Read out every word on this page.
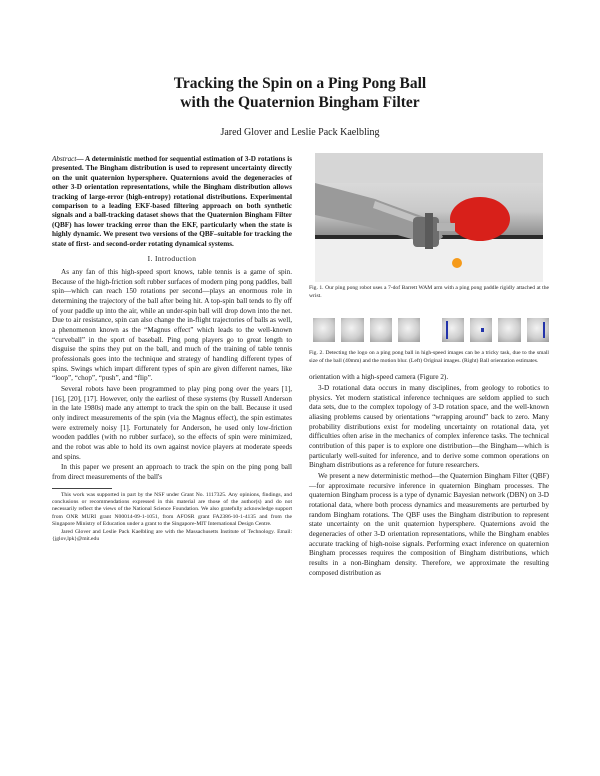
Tracking the Spin on a Ping Pong Ball
with the Quaternion Bingham Filter
Jared Glover and Leslie Pack Kaelbling

Abstract— A deterministic method for sequential estimation of 3-D rotations is presented. The Bingham distribution is used to represent uncertainty directly on the unit quaternion hypersphere. Quaternions avoid the degeneracies of other 3-D orientation representations, while the Bingham distribution allows tracking of large-error (high-entropy) rotational distributions. Experimental comparison to a leading EKF-based filtering approach on both synthetic signals and a ball-tracking dataset shows that the Quaternion Bingham Filter (QBF) has lower tracking error than the EKF, particularly when the state is highly dynamic. We present two versions of the QBF–suitable for tracking the state of first- and second-order rotating dynamical systems.

I. Introduction

As any fan of this high-speed sport knows, table tennis is a game of spin. Because of the high-friction soft rubber surfaces of modern ping pong paddles, ball spin—which can reach 150 rotations per second—plays an enormous role in determining the trajectory of the ball after being hit. A top-spin ball tends to fly off of your paddle up into the air, while an under-spin ball will drop down into the net. Due to air resistance, spin can also change the in-flight trajectories of balls as well, a phenomenon known as the “Magnus effect” which leads to the well-known “curveball” in the sport of baseball. Ping pong players go to great length to disguise the spins they put on the ball, and much of the training of table tennis professionals goes into the technique and strategy of handling different types of spins. Swings which impart different types of spin are given different names, like “loop”, “chop”, “push”, and “flip”.

Several robots have been programmed to play ping pong over the years [1], [16], [20], [17]. However, only the earliest of these systems (by Russell Anderson in the late 1980s) made any attempt to track the spin on the ball. Because it used only indirect measurements of the spin (via the Magnus effect), the spin estimates were extremely noisy [1]. Fortunately for Anderson, he used only low-friction wooden paddles (with no rubber surface), so the effects of spin were minimized, and the robot was able to hold its own against novice players at moderate speeds and spins.

In this paper we present an approach to track the spin on the ping pong ball from direct measurements of the ball's

This work was supported in part by the NSF under Grant No. 1117325. Any opinions, findings, and conclusions or recommendations expressed in this material are those of the author(s) and do not necessarily reflect the views of the National Science Foundation. We also gratefully acknowledge support from ONR MURI grant N00014-09-1-1051, from AFOSR grant FA2386-10-1-4135 and from the Singapore Ministry of Education under a grant to the Singapore-MIT International Design Centre.

Jared Glover and Leslie Pack Kaelbling are with the Massachusetts Institute of Technology. Email: {jglov,lpk}@mit.edu

Fig. 1. Our ping pong robot uses a 7-dof Barrett WAM arm with a ping pong paddle rigidly attached at the wrist.

Fig. 2. Detecting the logo on a ping pong ball in high-speed images can be a tricky task, due to the small size of the ball (40mm) and the motion blur. (Left) Original images. (Right) Ball orientation estimates.

orientation with a high-speed camera (Figure 2).

3-D rotational data occurs in many disciplines, from geology to robotics to physics. Yet modern statistical inference techniques are seldom applied to such data sets, due to the complex topology of 3-D rotation space, and the well-known aliasing problems caused by orientations “wrapping around” back to zero. Many probability distributions exist for modeling uncertainty on rotational data, yet difficulties often arise in the mechanics of complex inference tasks. The technical contribution of this paper is to explore one distribution—the Bingham—which is particularly well-suited for inference, and to derive some common operations on Bingham distributions as a reference for future researchers.

We present a new deterministic method—the Quaternion Bingham Filter (QBF)—for approximate recursive inference in quaternion Bingham processes. The quaternion Bingham process is a type of dynamic Bayesian network (DBN) on 3-D rotational data, where both process dynamics and measurements are perturbed by random Bingham rotations. The QBF uses the Bingham distribution to represent state uncertainty on the unit quaternion hypersphere. Quaternions avoid the degeneracies of other 3-D orientation representations, while the Bingham enables accurate tracking of high-noise signals. Performing exact inference on quaternion Bingham processes requires the composition of Bingham distributions, which results in a non-Bingham density. Therefore, we approximate the resulting composed distribution as
